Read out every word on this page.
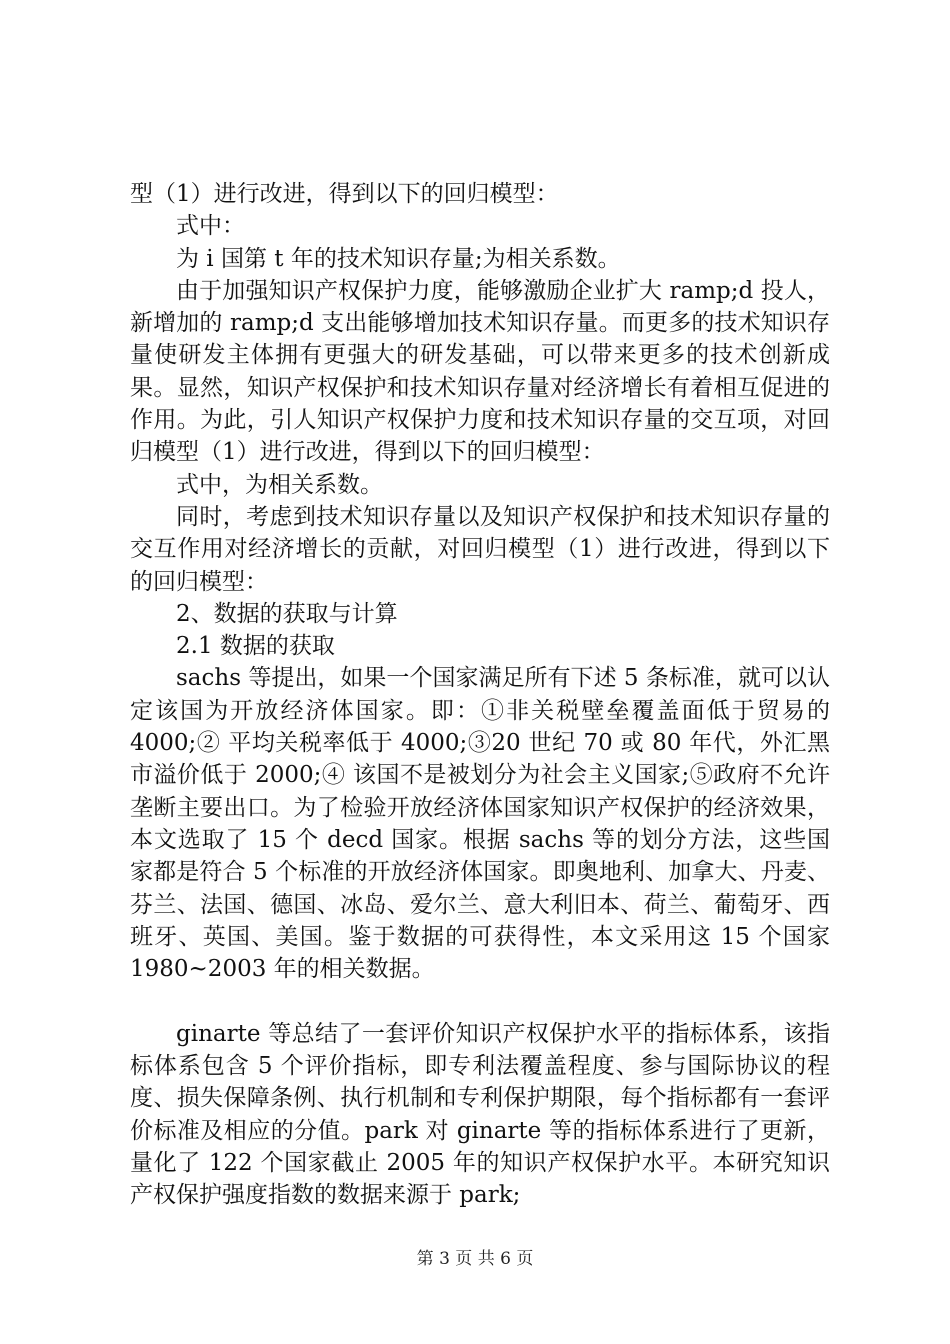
型（1）进行改进，得到以下的回归模型：

式中：

为 i 国第 t 年的技术知识存量;为相关系数。

由于加强知识产权保护力度，能够激励企业扩大 ramp;d 投人，新增加的 ramp;d 支出能够增加技术知识存量。而更多的技术知识存量使研发主体拥有更强大的研发基础，可以带来更多的技术创新成果。显然，知识产权保护和技术知识存量对经济增长有着相互促进的作用。为此，引人知识产权保护力度和技术知识存量的交互项，对回归模型（1）进行改进，得到以下的回归模型：

式中，为相关系数。

同时，考虑到技术知识存量以及知识产权保护和技术知识存量的交互作用对经济增长的贡献，对回归模型（1）进行改进，得到以下的回归模型：

2、数据的获取与计算

2.1 数据的获取

sachs 等提出，如果一个国家满足所有下述 5 条标准，就可以认定该国为开放经济体国家。即：①非关税壁垒覆盖面低于贸易的 4000;② 平均关税率低于 4000;③20 世纪 70 或 80 年代，外汇黑市溢价低于 2000;④ 该国不是被划分为社会主义国家;⑤政府不允许垄断主要出口。为了检验开放经济体国家知识产权保护的经济效果，本文选取了 15 个 decd 国家。根据 sachs 等的划分方法，这些国家都是符合 5 个标准的开放经济体国家。即奥地利、加拿大、丹麦、芬兰、法国、德国、冰岛、爱尔兰、意大利旧本、荷兰、葡萄牙、西班牙、英国、美国。鉴于数据的可获得性，本文采用这 15 个国家 1980~2003 年的相关数据。

ginarte 等总结了一套评价知识产权保护水平的指标体系，该指标体系包含 5 个评价指标，即专利法覆盖程度、参与国际协议的程度、损失保障条例、执行机制和专利保护期限，每个指标都有一套评价标准及相应的分值。park 对 ginarte 等的指标体系进行了更新，量化了 122 个国家截止 2005 年的知识产权保护水平。本研究知识产权保护强度指数的数据来源于 park;

第 3 页 共 6 页
